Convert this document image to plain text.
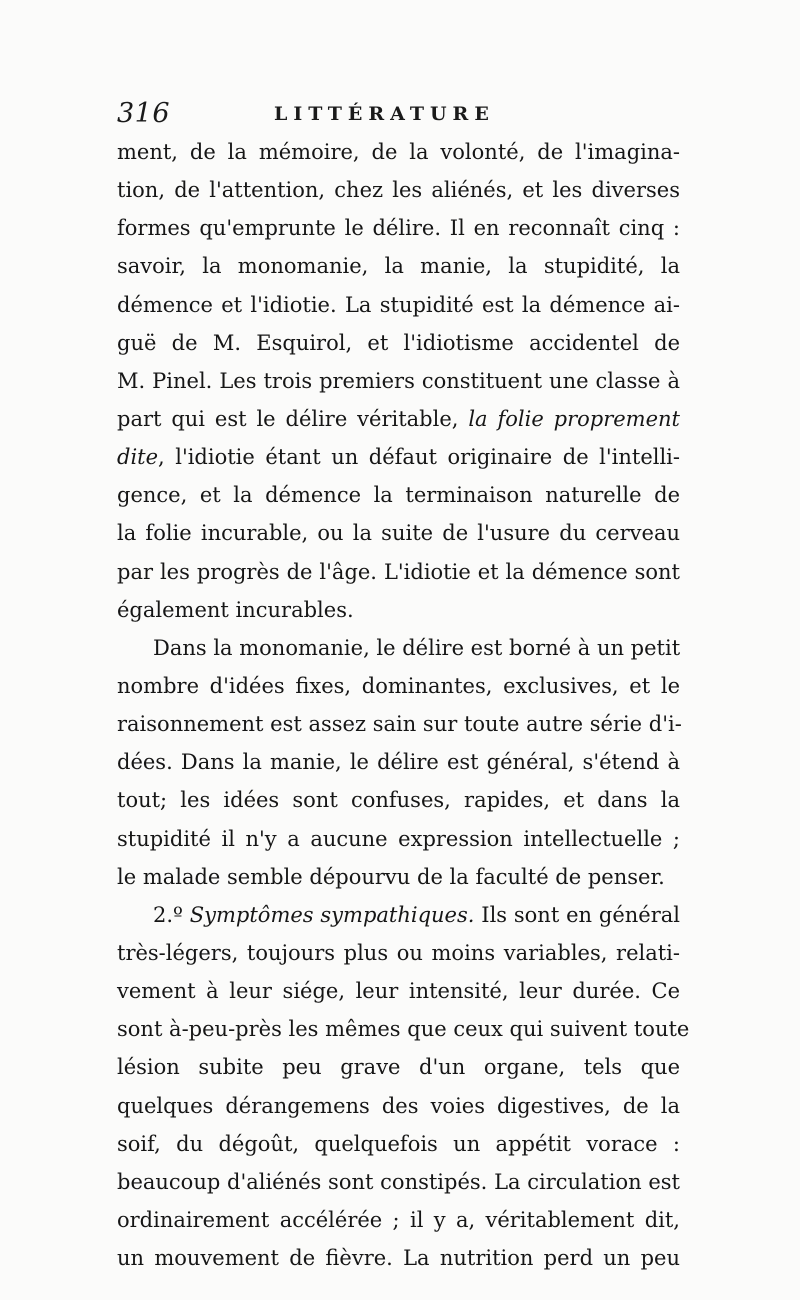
316	LITTÉRATURE
ment, de la mémoire, de la volonté, de l'imagina-
tion, de l'attention, chez les aliénés, et les diverses
formes qu'emprunte le délire. Il en reconnaît cinq :
savoir, la monomanie, la manie, la stupidité, la
démence et l'idiotie. La stupidité est la démence ai-
guë de M. Esquirol, et l'idiotisme accidentel de
M. Pinel. Les trois premiers constituent une classe à
part qui est le délire véritable, la folie proprement
dite, l'idiotie étant un défaut originaire de l'intelli-
gence, et la démence la terminaison naturelle de
la folie incurable, ou la suite de l'usure du cerveau
par les progrès de l'âge. L'idiotie et la démence sont
également incurables.
Dans la monomanie, le délire est borné à un petit
nombre d'idées fixes, dominantes, exclusives, et le
raisonnement est assez sain sur toute autre série d'i-
dées. Dans la manie, le délire est général, s'étend à
tout; les idées sont confuses, rapides, et dans la
stupidité il n'y a aucune expression intellectuelle ;
le malade semble dépourvu de la faculté de penser.
2.º Symptômes sympathiques. Ils sont en général
très-légers, toujours plus ou moins variables, relati-
vement à leur siége, leur intensité, leur durée. Ce
sont à-peu-près les mêmes que ceux qui suivent toute
lésion subite peu grave d'un organe, tels que
quelques dérangemens des voies digestives, de la
soif, du dégoût, quelquefois un appétit vorace :
beaucoup d'aliénés sont constipés. La circulation est
ordinairement accélérée ; il y a, véritablement dit,
un mouvement de fièvre. La nutrition perd un peu
